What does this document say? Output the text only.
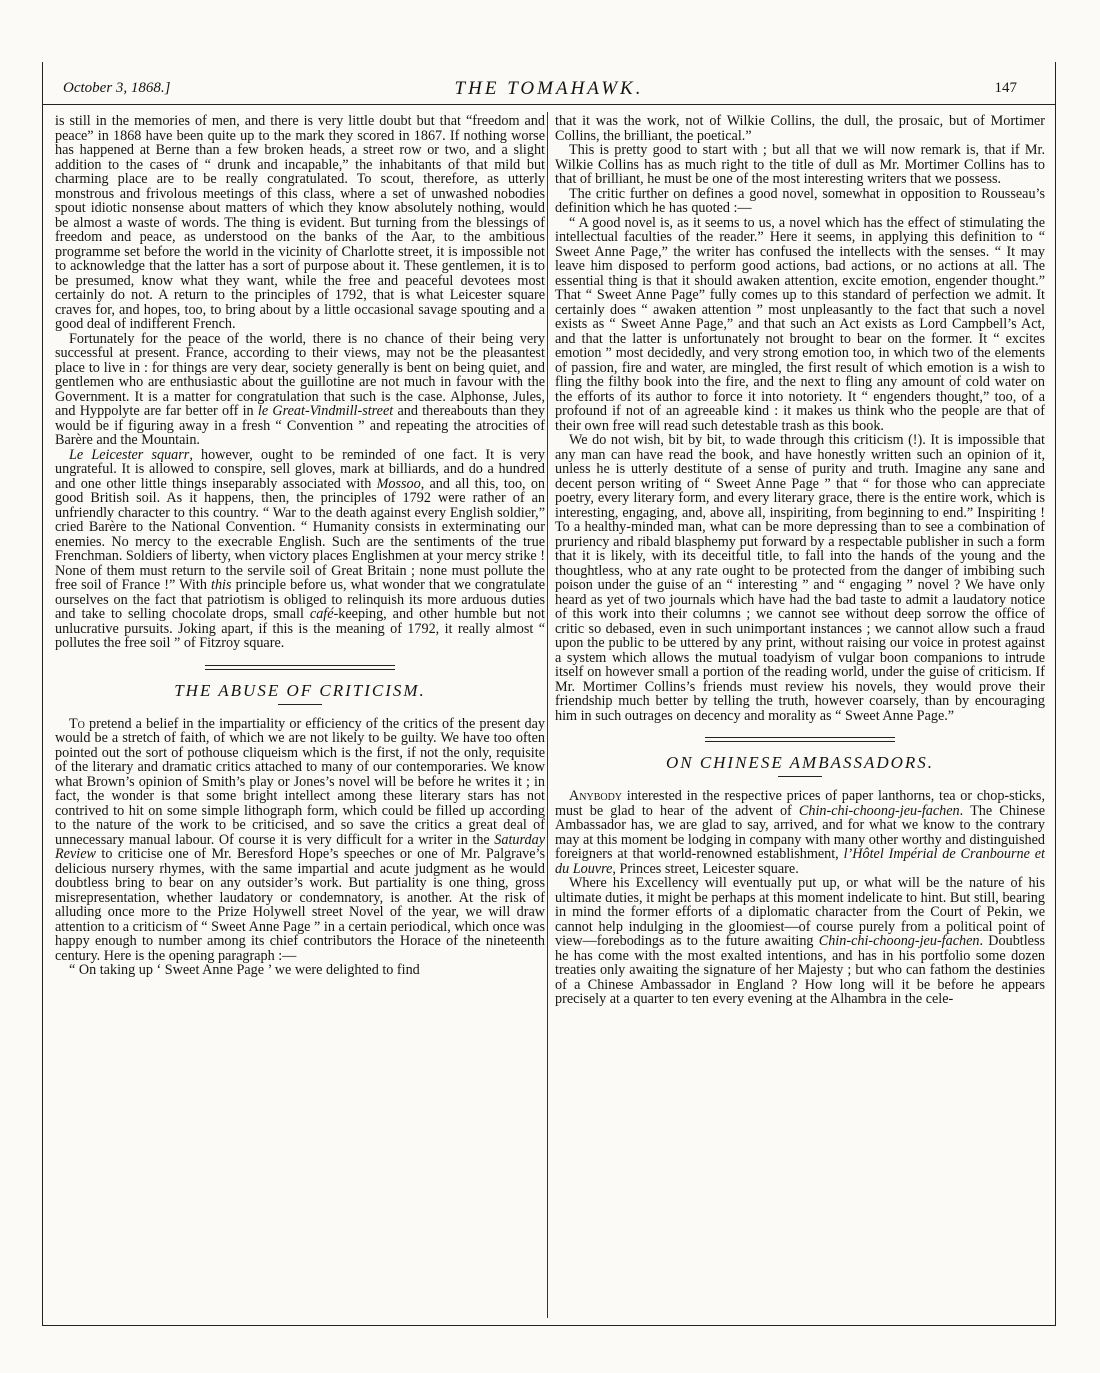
October 3, 1868.]	THE TOMAHAWK.	147

is still in the memories of men, and there is very little doubt but that “freedom and peace” in 1868 have been quite up to the mark they scored in 1867. If nothing worse has happened at Berne than a few broken heads, a street row or two, and a slight addition to the cases of “ drunk and incapable,” the inhabitants of that mild but charming place are to be really congratulated. To scout, therefore, as utterly monstrous and frivolous meetings of this class, where a set of unwashed nobodies spout idiotic nonsense about matters of which they know absolutely nothing, would be almost a waste of words. The thing is evident. But turning from the blessings of freedom and peace, as understood on the banks of the Aar, to the ambitious programme set before the world in the vicinity of Charlotte street, it is impossible not to acknowledge that the latter has a sort of purpose about it. These gentlemen, it is to be presumed, know what they want, while the free and peaceful devotees most certainly do not. A return to the principles of 1792, that is what Leicester square craves for, and hopes, too, to bring about by a little occasional savage spouting and a good deal of indifferent French.

Fortunately for the peace of the world, there is no chance of their being very successful at present. France, according to their views, may not be the pleasantest place to live in : for things are very dear, society generally is bent on being quiet, and gentlemen who are enthusiastic about the guillotine are not much in favour with the Government. It is a matter for congratulation that such is the case. Alphonse, Jules, and Hyppolyte are far better off in le Great-Vindmill-street and thereabouts than they would be if figuring away in a fresh “ Convention ” and repeating the atrocities of Barère and the Mountain.

Le Leicester squarr, however, ought to be reminded of one fact. It is very ungrateful. It is allowed to conspire, sell gloves, mark at billiards, and do a hundred and one other little things inseparably associated with Mossoo, and all this, too, on good British soil. As it happens, then, the principles of 1792 were rather of an unfriendly character to this country. “ War to the death against every English soldier,” cried Barère to the National Convention. “ Humanity consists in exterminating our enemies. No mercy to the execrable English. Such are the sentiments of the true Frenchman. Soldiers of liberty, when victory places Englishmen at your mercy strike ! None of them must return to the servile soil of Great Britain ; none must pollute the free soil of France !” With this principle before us, what wonder that we congratulate ourselves on the fact that patriotism is obliged to relinquish its more arduous duties and take to selling chocolate drops, small café-keeping, and other humble but not unlucrative pursuits. Joking apart, if this is the meaning of 1792, it really almost “ pollutes the free soil ” of Fitzroy square.

THE ABUSE OF CRITICISM.

To pretend a belief in the impartiality or efficiency of the critics of the present day would be a stretch of faith, of which we are not likely to be guilty. We have too often pointed out the sort of pothouse cliqueism which is the first, if not the only, requisite of the literary and dramatic critics attached to many of our contemporaries. We know what Brown’s opinion of Smith’s play or Jones’s novel will be before he writes it ; in fact, the wonder is that some bright intellect among these literary stars has not contrived to hit on some simple lithograph form, which could be filled up according to the nature of the work to be criticised, and so save the critics a great deal of unnecessary manual labour. Of course it is very difficult for a writer in the Saturday Review to criticise one of Mr. Beresford Hope’s speeches or one of Mr. Palgrave’s delicious nursery rhymes, with the same impartial and acute judgment as he would doubtless bring to bear on any outsider’s work. But partiality is one thing, gross misrepresentation, whether laudatory or condemnatory, is another. At the risk of alluding once more to the Prize Holywell street Novel of the year, we will draw attention to a criticism of “ Sweet Anne Page ” in a certain periodical, which once was happy enough to number among its chief contributors the Horace of the nineteenth century. Here is the opening paragraph :—

“ On taking up ‘ Sweet Anne Page ’ we were delighted to find

that it was the work, not of Wilkie Collins, the dull, the prosaic, but of Mortimer Collins, the brilliant, the poetical.”

This is pretty good to start with ; but all that we will now remark is, that if Mr. Wilkie Collins has as much right to the title of dull as Mr. Mortimer Collins has to that of brilliant, he must be one of the most interesting writers that we possess.

The critic further on defines a good novel, somewhat in opposition to Rousseau’s definition which he has quoted :—

“ A good novel is, as it seems to us, a novel which has the effect of stimulating the intellectual faculties of the reader.” Here it seems, in applying this definition to “ Sweet Anne Page,” the writer has confused the intellects with the senses. “ It may leave him disposed to perform good actions, bad actions, or no actions at all. The essential thing is that it should awaken attention, excite emotion, engender thought.” That “ Sweet Anne Page” fully comes up to this standard of perfection we admit. It certainly does “ awaken attention ” most unpleasantly to the fact that such a novel exists as “ Sweet Anne Page,” and that such an Act exists as Lord Campbell’s Act, and that the latter is unfortunately not brought to bear on the former. It “ excites emotion ” most decidedly, and very strong emotion too, in which two of the elements of passion, fire and water, are mingled, the first result of which emotion is a wish to fling the filthy book into the fire, and the next to fling any amount of cold water on the efforts of its author to force it into notoriety. It “ engenders thought,” too, of a profound if not of an agreeable kind : it makes us think who the people are that of their own free will read such detestable trash as this book.

We do not wish, bit by bit, to wade through this criticism (!). It is impossible that any man can have read the book, and have honestly written such an opinion of it, unless he is utterly destitute of a sense of purity and truth. Imagine any sane and decent person writing of “ Sweet Anne Page ” that “ for those who can appreciate poetry, every literary form, and every literary grace, there is the entire work, which is interesting, engaging, and, above all, inspiriting, from beginning to end.” Inspiriting ! To a healthy-minded man, what can be more depressing than to see a combination of pruriency and ribald blasphemy put forward by a respectable publisher in such a form that it is likely, with its deceitful title, to fall into the hands of the young and the thoughtless, who at any rate ought to be protected from the danger of imbibing such poison under the guise of an “ interesting ” and “ engaging ” novel ? We have only heard as yet of two journals which have had the bad taste to admit a laudatory notice of this work into their columns ; we cannot see without deep sorrow the office of critic so debased, even in such unimportant instances ; we cannot allow such a fraud upon the public to be uttered by any print, without raising our voice in protest against a system which allows the mutual toadyism of vulgar boon companions to intrude itself on however small a portion of the reading world, under the guise of criticism. If Mr. Mortimer Collins’s friends must review his novels, they would prove their friendship much better by telling the truth, however coarsely, than by encouraging him in such outrages on decency and morality as “ Sweet Anne Page.”

ON CHINESE AMBASSADORS.

Anybody interested in the respective prices of paper lanthorns, tea or chop-sticks, must be glad to hear of the advent of Chin-chi-choong-jeu-fachen. The Chinese Ambassador has, we are glad to say, arrived, and for what we know to the contrary may at this moment be lodging in company with many other worthy and distinguished foreigners at that world-renowned establishment, l’Hôtel Impérial de Cranbourne et du Louvre, Princes street, Leicester square.

Where his Excellency will eventually put up, or what will be the nature of his ultimate duties, it might be perhaps at this moment indelicate to hint. But still, bearing in mind the former efforts of a diplomatic character from the Court of Pekin, we cannot help indulging in the gloomiest—of course purely from a political point of view—forebodings as to the future awaiting Chin-chi-choong-jeu-fachen. Doubtless he has come with the most exalted intentions, and has in his portfolio some dozen treaties only awaiting the signature of her Majesty ; but who can fathom the destinies of a Chinese Ambassador in England ? How long will it be before he appears precisely at a quarter to ten every evening at the Alhambra in the cele-
